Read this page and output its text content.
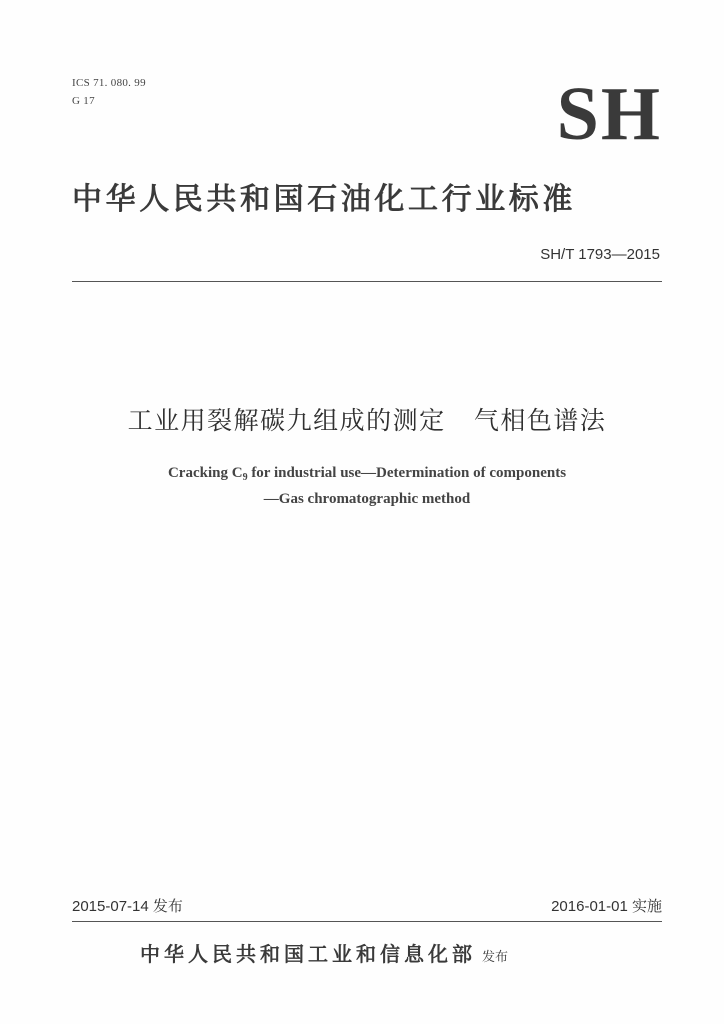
ICS 71. 080. 99
G 17	SH
中华人民共和国石油化工行业标准
SH/T 1793—2015
工业用裂解碳九组成的测定   气相色谱法
Cracking $C_9$ for industrial use—Determination of components
—Gas chromatographic method
2015-07-14 发布	2016-01-01 实施
中华人民共和国工业和信息化部 发布
